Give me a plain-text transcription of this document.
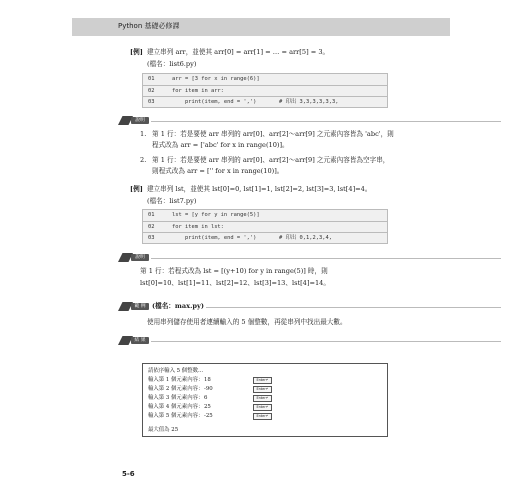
Python 基礎必修課
[例] 建立串列 arr，並使其 arr[0] = arr[1] = … = arr[5] = 3。
(檔名：list6.py)
01	arr = [3 for x in range(6)]
02	for item in arr:
03	print(item, end = ',')	# 印出 3,3,3,3,3,3,
說明
1. 第 1 行：若是要使 arr 串列的 arr[0]、arr[2]～arr[9] 之元素內容皆為 'abc'，則
程式改為 arr = ['abc' for x in range(10)]。
2. 第 1 行：若是要使 arr 串列的 arr[0]、arr[2]～arr[9] 之元素內容皆為空字串，
則程式改為 arr = ['' for x in range(10)]。
[例] 建立串列 lst，並使其 lst[0]=0, lst[1]=1, lst[2]=2, lst[3]=3, lst[4]=4。
(檔名：list7.py)
01	lst = [y for y in range(5)]
02	for item in lst:
03	print(item, end = ',')	# 印出 0,1,2,3,4,
說明
第 1 行：若程式改為 lst = [(y+10) for y in range(5)] 時，則
lst[0]=10、lst[1]=11、lst[2]=12、lst[3]=13、lst[4]=14。
範 例 (檔名：max.py)
使用串列儲存使用者連續輸入的 5 個整數，再從串列中找出最大數。
結 果
請依序輸入 5 個整數...
輸入第 1 個元素內容： 18	Enter↵
輸入第 2 個元素內容： -90	Enter↵
輸入第 3 個元素內容： 6	Enter↵
輸入第 4 個元素內容： 25	Enter↵
輸入第 5 個元素內容： -25	Enter↵
最大值為 25
5-6
